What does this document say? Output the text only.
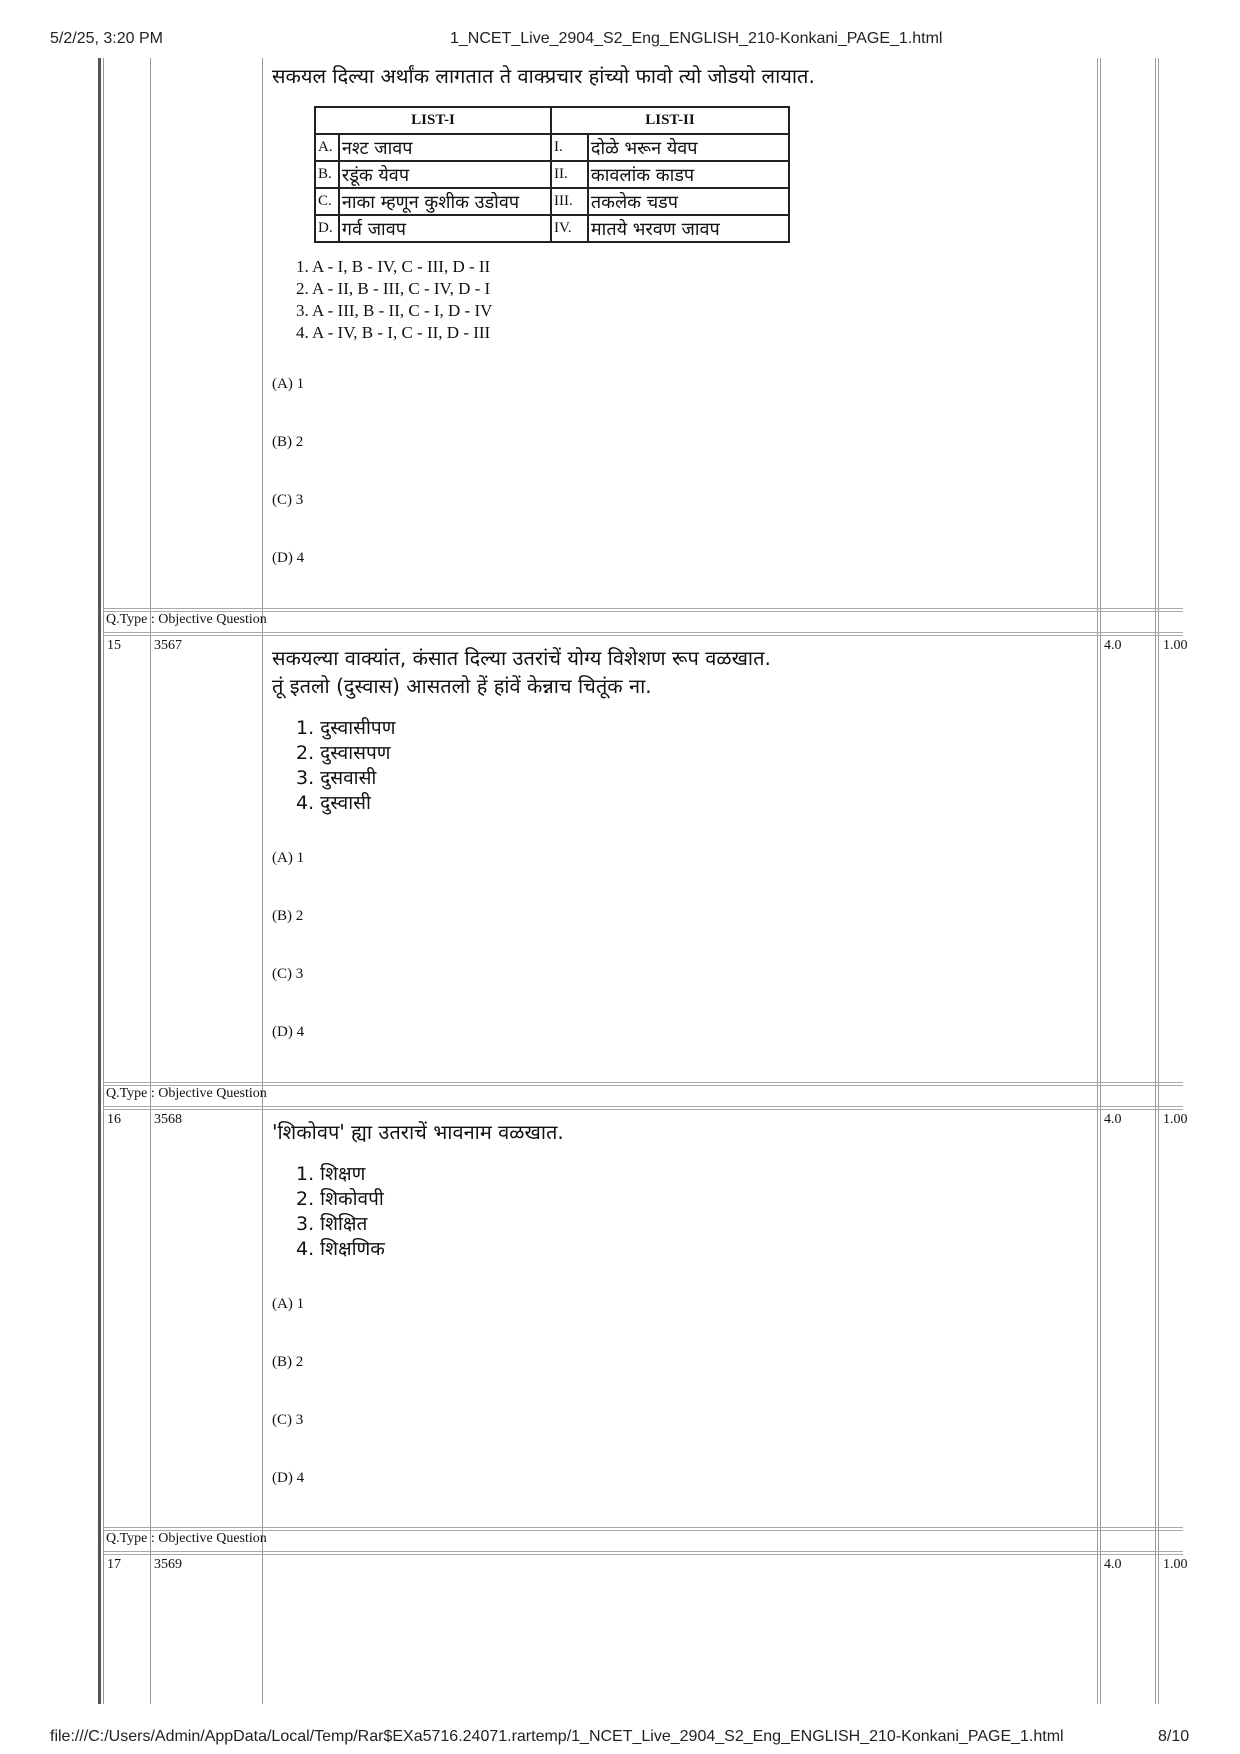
5/2/25, 3:20 PM	1_NCET_Live_2904_S2_Eng_ENGLISH_210-Konkani_PAGE_1.html
सकयल दिल्या अर्थांक लागतात ते वाक्प्रचार हांच्यो फावो त्यो जोडयो लायात.
LIST-I		LIST-II	
A.	नश्ट जावप	I.	दोळे भरून येवप
B.	रडूंक येवप	II.	कावलांक काडप
C.	नाका म्हणून कुशीक उडोवप	III.	तकलेक चडप
D.	गर्व जावप	IV.	मातये भरवण जावप
1. A - I, B - IV, C - III, D - II
2. A - II, B - III, C - IV, D - I
3. A - III, B - II, C - I, D - IV
4. A - IV, B - I, C - II, D - III
(A) 1
(B) 2
(C) 3
(D) 4
Q.Type : Objective Question
15 3567	4.0	1.00
सकयल्या वाक्यांत, कंसात दिल्या उतरांचें योग्य विशेशण रूप वळखात.
तूं इतलो (दुस्वास) आसतलो हें हांवें केन्नाच चितूंक ना.
1. दुस्वासीपण
2. दुस्वासपण
3. दुसवासी
4. दुस्वासी
(A) 1
(B) 2
(C) 3
(D) 4
Q.Type : Objective Question
16 3568	4.0	1.00
'शिकोवप' ह्या उतराचें भावनाम वळखात.
1. शिक्षण
2. शिकोवपी
3. शिक्षित
4. शिक्षणिक
(A) 1
(B) 2
(C) 3
(D) 4
Q.Type : Objective Question
17 3569	4.0	1.00
file:///C:/Users/Admin/AppData/Local/Temp/Rar$EXa5716.24071.rartemp/1_NCET_Live_2904_S2_Eng_ENGLISH_210-Konkani_PAGE_1.html	8/10
